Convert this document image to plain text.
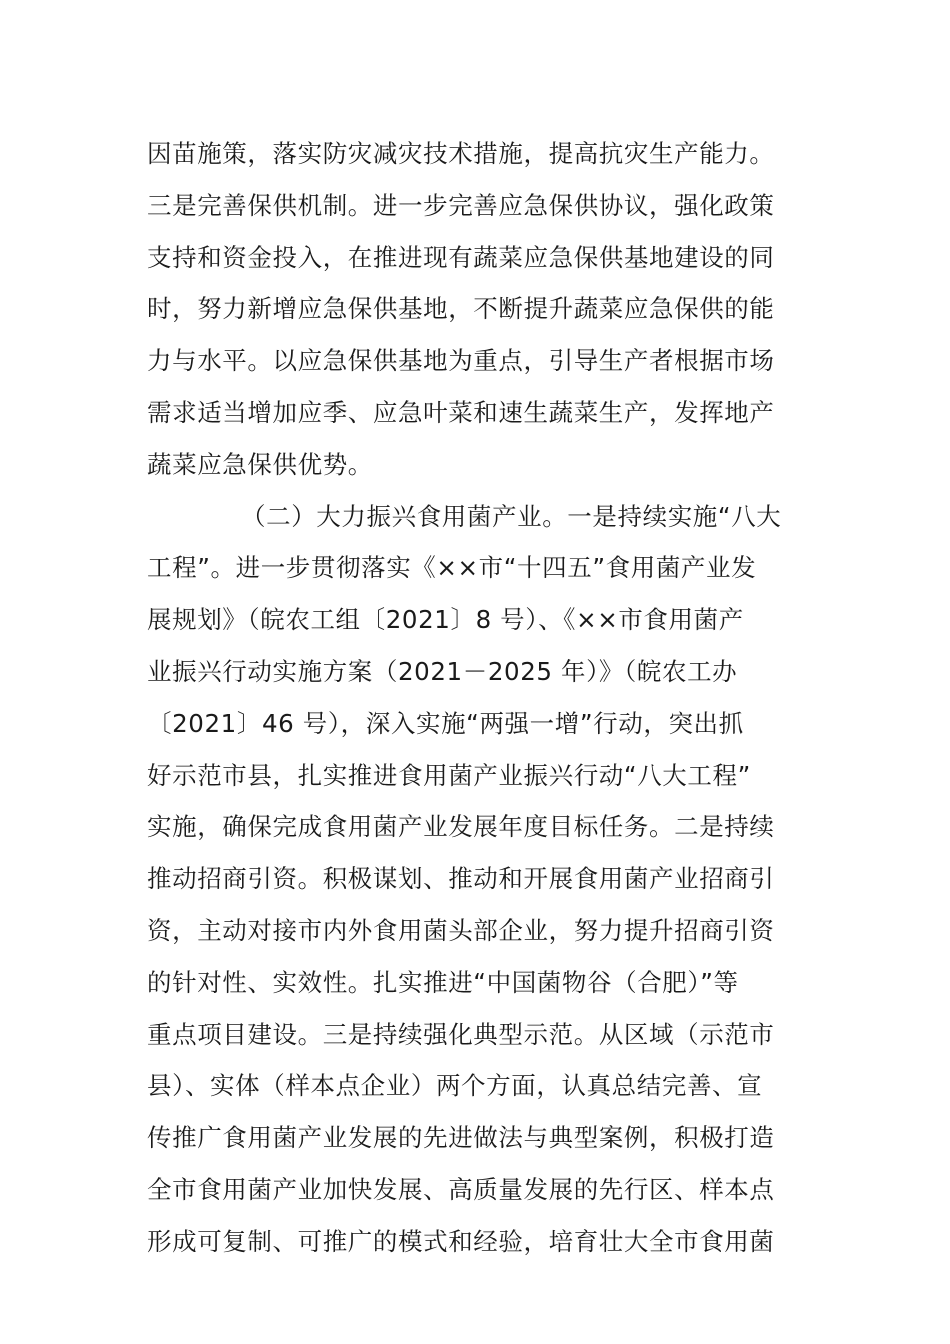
因苗施策，落实防灾减灾技术措施，提高抗灾生产能力。
三是完善保供机制。进一步完善应急保供协议，强化政策
支持和资金投入，在推进现有蔬菜应急保供基地建设的同
时，努力新增应急保供基地，不断提升蔬菜应急保供的能
力与水平。以应急保供基地为重点，引导生产者根据市场
需求适当增加应季、应急叶菜和速生蔬菜生产，发挥地产
蔬菜应急保供优势。
（二）大力振兴食用菌产业。一是持续实施“八大
工程”。进一步贯彻落实《××市“十四五”食用菌产业发
展规划》（皖农工组〔2021〕8 号）、《××市食用菌产
业振兴行动实施方案（2021－2025 年）》（皖农工办
〔2021〕46 号），深入实施“两强一增”行动，突出抓
好示范市县，扎实推进食用菌产业振兴行动“八大工程”
实施，确保完成食用菌产业发展年度目标任务。二是持续
推动招商引资。积极谋划、推动和开展食用菌产业招商引
资，主动对接市内外食用菌头部企业，努力提升招商引资
的针对性、实效性。扎实推进“中国菌物谷（合肥）”等
重点项目建设。三是持续强化典型示范。从区域（示范市
县）、实体（样本点企业）两个方面，认真总结完善、宣
传推广食用菌产业发展的先进做法与典型案例，积极打造
全市食用菌产业加快发展、高质量发展的先行区、样本点
形成可复制、可推广的模式和经验，培育壮大全市食用菌
